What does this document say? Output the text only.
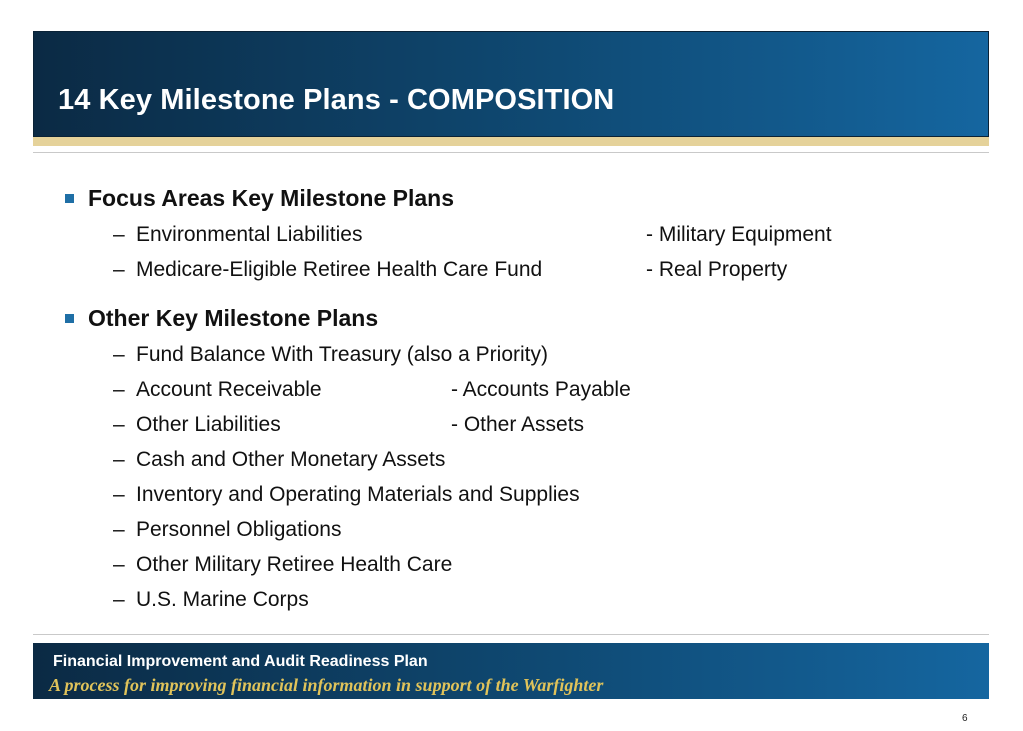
14 Key Milestone Plans - COMPOSITION
Focus Areas Key Milestone Plans
– Environmental Liabilities	- Military Equipment
– Medicare-Eligible Retiree Health Care Fund	- Real Property
Other Key Milestone Plans
– Fund Balance With Treasury (also a Priority)
– Account Receivable	- Accounts Payable
– Other Liabilities	- Other Assets
– Cash and Other Monetary Assets
– Inventory and Operating Materials and Supplies
– Personnel Obligations
– Other Military Retiree Health Care
– U.S. Marine Corps
Financial Improvement and Audit Readiness Plan
A process for improving financial information in support of the Warfighter
6
